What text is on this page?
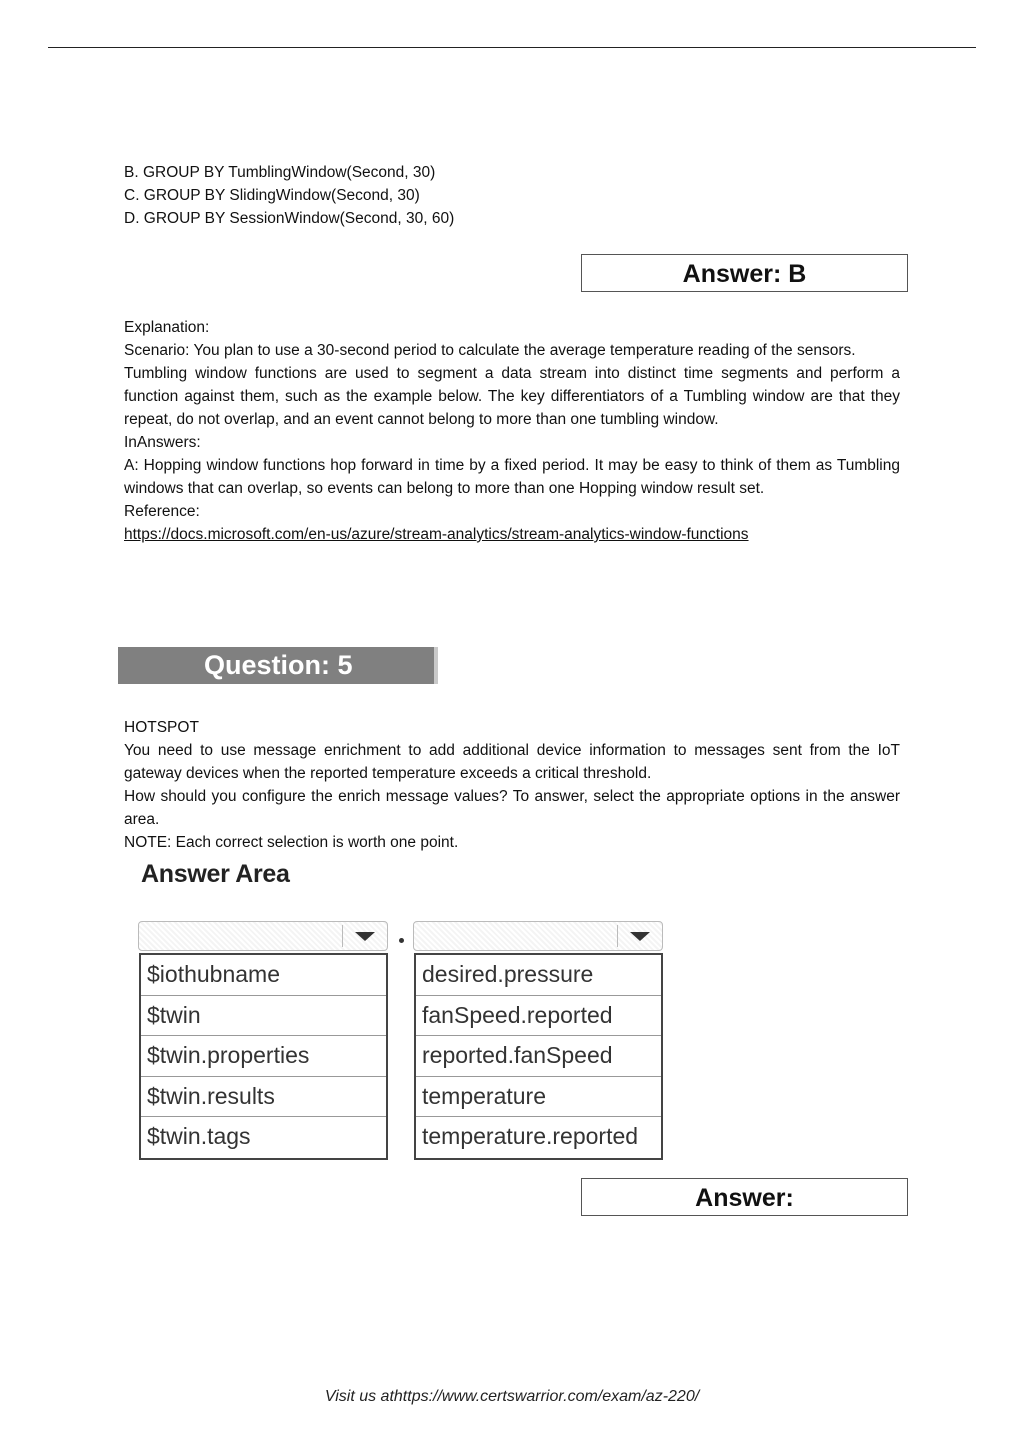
B. GROUP BY TumblingWindow(Second, 30)
C. GROUP BY SlidingWindow(Second, 30)
D. GROUP BY SessionWindow(Second, 30, 60)
Answer: B
Explanation:
Scenario: You plan to use a 30-second period to calculate the average temperature reading of the sensors.
Tumbling window functions are used to segment a data stream into distinct time segments and perform a function against them, such as the example below. The key differentiators of a Tumbling window are that they repeat, do not overlap, and an event cannot belong to more than one tumbling window.
InAnswers:
A: Hopping window functions hop forward in time by a fixed period. It may be easy to think of them as Tumbling windows that can overlap, so events can belong to more than one Hopping window result set.
Reference:
https://docs.microsoft.com/en-us/azure/stream-analytics/stream-analytics-window-functions
Question: 5
HOTSPOT
You need to use message enrichment to add additional device information to messages sent from the IoT gateway devices when the reported temperature exceeds a critical threshold.
How should you configure the enrich message values? To answer, select the appropriate options in the answer area.
NOTE: Each correct selection is worth one point.
Answer Area
$iothubname
$twin
$twin.properties
$twin.results
$twin.tags
desired.pressure
fanSpeed.reported
reported.fanSpeed
temperature
temperature.reported
Answer:
Visit us athttps://www.certswarrior.com/exam/az-220/
